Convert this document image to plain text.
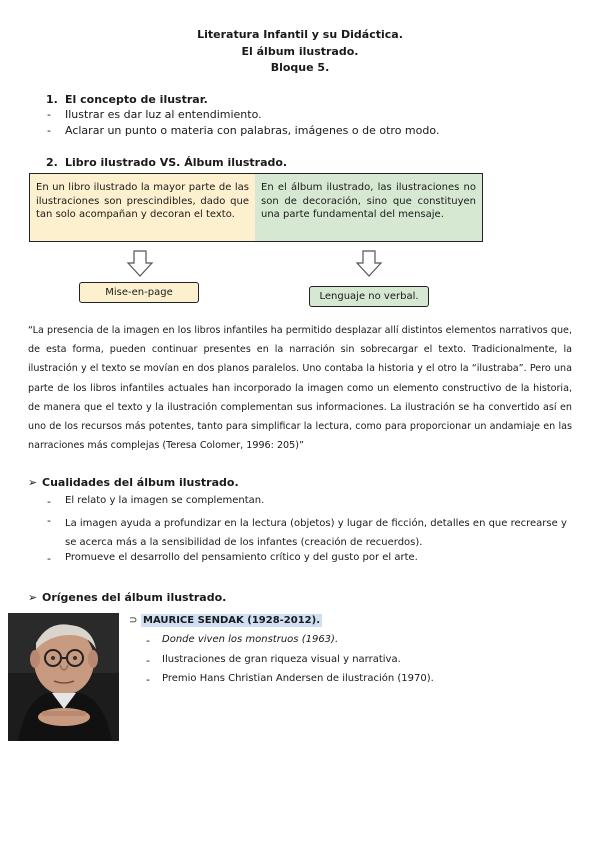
Literatura Infantil y su Didáctica.
El álbum ilustrado.
Bloque 5.
1. El concepto de ilustrar.
- Ilustrar es dar luz al entendimiento.
- Aclarar un punto o materia con palabras, imágenes o de otro modo.
2. Libro ilustrado VS. Álbum ilustrado.
En un libro ilustrado la mayor parte de las ilustraciones son prescindibles, dado que tan solo acompañan y decoran el texto.
En el álbum ilustrado, las ilustraciones no son de decoración, sino que constituyen una parte fundamental del mensaje.
Mise-en-page	Lenguaje no verbal.
“La presencia de la imagen en los libros infantiles ha permitido desplazar allí distintos elementos narrativos que, de esta forma, pueden continuar presentes en la narración sin sobrecargar el texto. Tradicionalmente, la ilustración y el texto se movían en dos planos paralelos. Uno contaba la historia y el otro la “ilustraba”. Pero una parte de los libros infantiles actuales han incorporado la imagen como un elemento constructivo de la historia, de manera que el texto y la ilustración complementan sus informaciones. La ilustración se ha convertido así en uno de los recursos más potentes, tanto para simplificar la lectura, como para proporcionar un andamiaje en las narraciones más complejas (Teresa Colomer, 1996: 205)”
➢ Cualidades del álbum ilustrado.
- El relato y la imagen se complementan.
- La imagen ayuda a profundizar en la lectura (objetos) y lugar de ficción, detalles en que recrearse y se acerca más a la sensibilidad de los infantes (creación de recuerdos).
- Promueve el desarrollo del pensamiento crítico y del gusto por el arte.
➢ Orígenes del álbum ilustrado.
⊃ MAURICE SENDAK (1928-2012).
- Donde viven los monstruos (1963).
- Ilustraciones de gran riqueza visual y narrativa.
- Premio Hans Christian Andersen de ilustración (1970).
